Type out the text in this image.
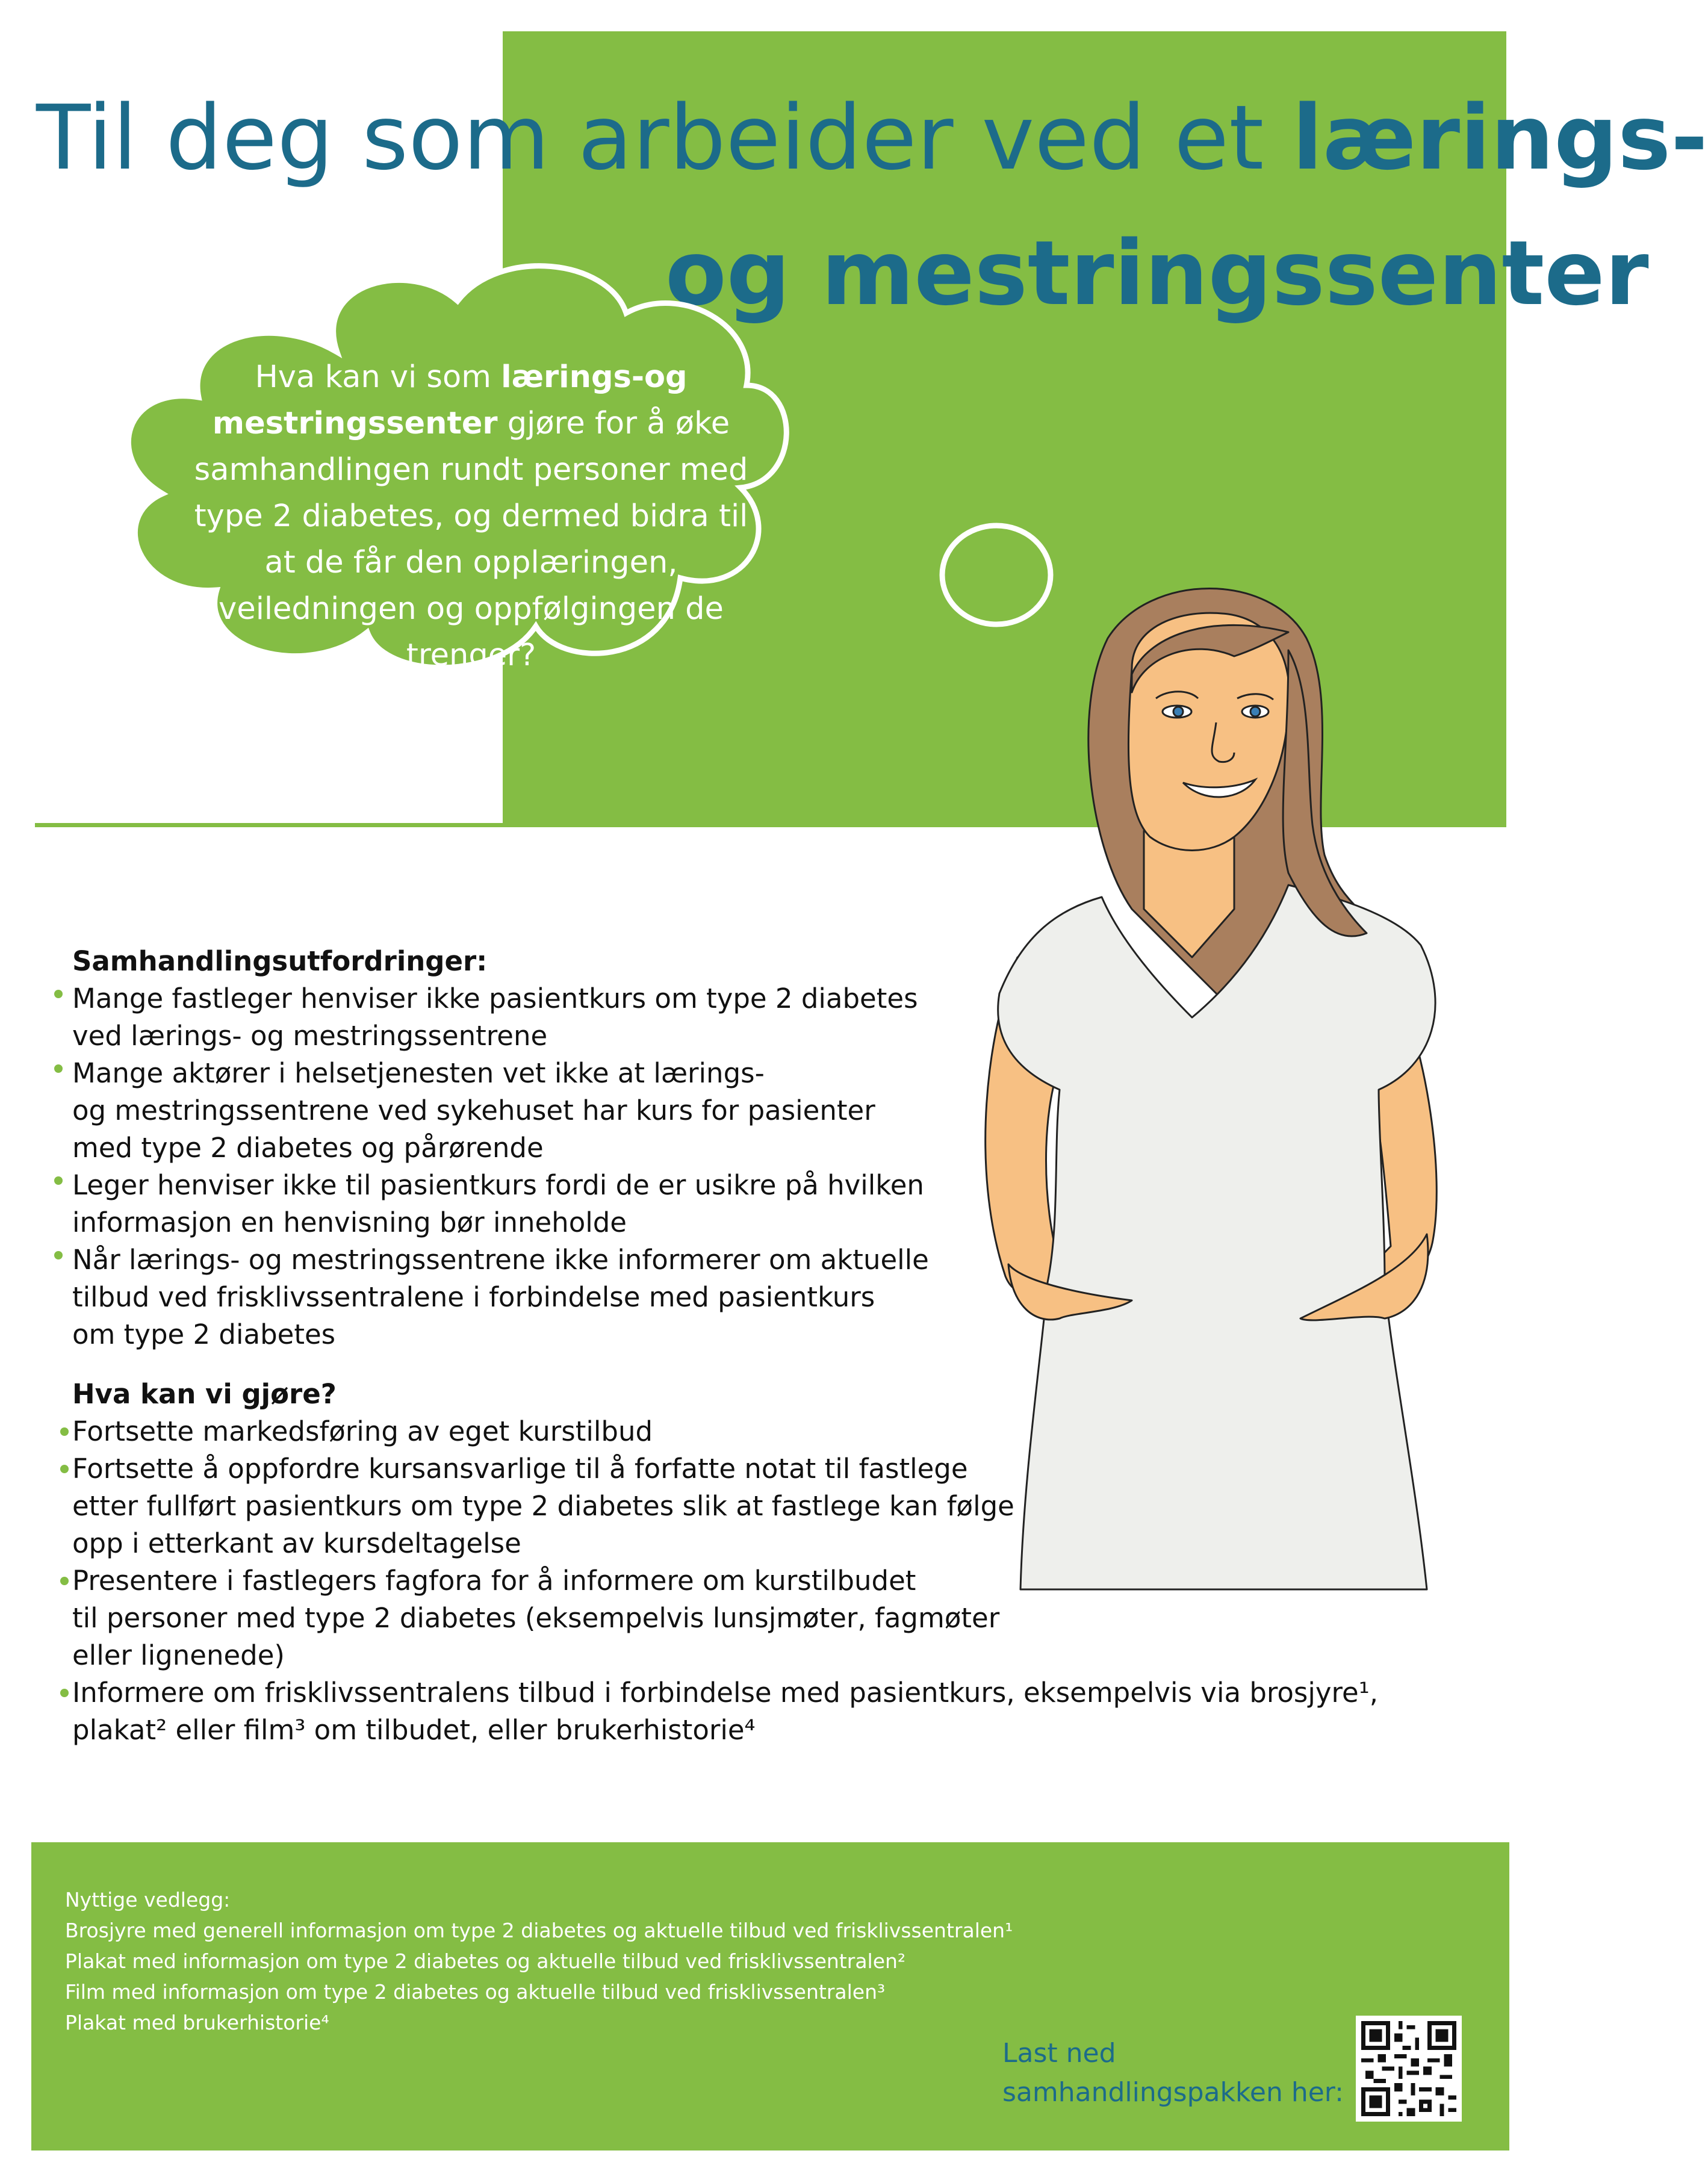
Til deg som arbeider ved et lærings-
og mestringssenter
Hva kan vi som lærings-og mestringssenter gjøre for å øke samhandlingen rundt personer med type 2 diabetes, og dermed bidra til at de får den opplæringen, veiledningen og oppfølgingen de trenger?

Samhandlingsutfordringer:

Mange fastleger henviser ikke pasientkurs om type 2 diabetes
ved lærings- og mestringssentrene
Mange aktører i helsetjenesten vet ikke at lærings-
og mestringssentrene ved sykehuset har kurs for pasienter
med type 2 diabetes og pårørende
Leger henviser ikke til pasientkurs fordi de er usikre på hvilken
informasjon en henvisning bør inneholde
Når lærings- og mestringssentrene ikke informerer om aktuelle
tilbud ved frisklivssentralene i forbindelse med pasientkurs
om type 2 diabetes

Hva kan vi gjøre?

Fortsette markedsføring av eget kurstilbud
Fortsette å oppfordre kursansvarlige til å forfatte notat til fastlege
etter fullført pasientkurs om type 2 diabetes slik at fastlege kan følge
opp i etterkant av kursdeltagelse
Presentere i fastlegers fagfora for å informere om kurstilbudet
til personer med type 2 diabetes (eksempelvis lunsjmøter, fagmøter
eller lignenede)
Informere om frisklivssentralens tilbud i forbindelse med pasientkurs, eksempelvis via brosjyre¹,
plakat² eller film³ om tilbudet, eller brukerhistorie⁴
Nyttige vedlegg:
Brosjyre med generell informasjon om type 2 diabetes og aktuelle tilbud ved frisklivssentralen¹
Plakat med informasjon om type 2 diabetes og aktuelle tilbud ved frisklivssentralen²
Film med informasjon om type 2 diabetes og aktuelle tilbud ved frisklivssentralen³
Plakat med brukerhistorie⁴
Last ned
samhandlingspakken her:
